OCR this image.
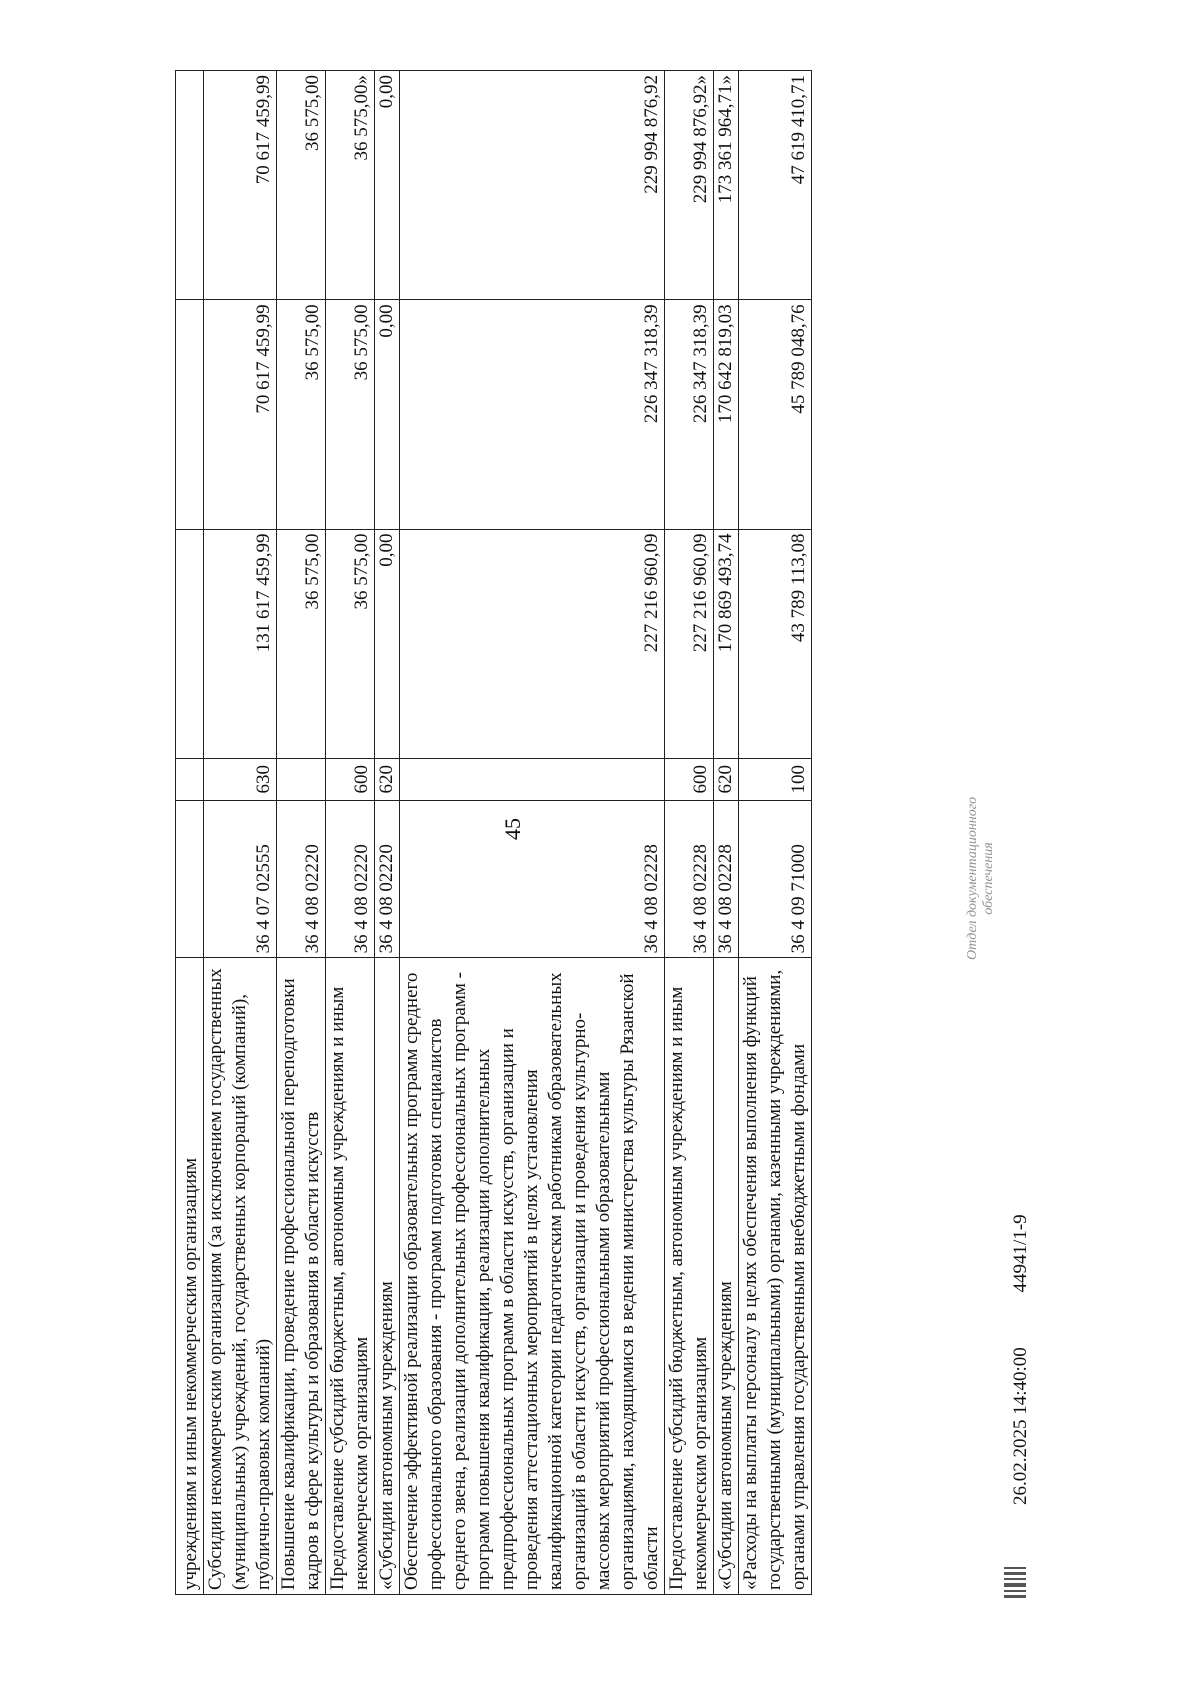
45
учреждениям и иным некоммерческим организациям					
Субсидии некоммерческим организациям (за исключением государственных (муниципальных) учреждений, государственных корпораций (компаний), публично-правовых компаний)	36 4 07 02555	630	131 617 459,99	70 617 459,99	70 617 459,99
Повышение квалификации, проведение профессиональной переподготовки кадров в сфере культуры и образования в области искусств	36 4 08 02220		36 575,00	36 575,00	36 575,00
Предоставление субсидий бюджетным, автономным учреждениям и иным некоммерческим организациям	36 4 08 02220	600	36 575,00	36 575,00	36 575,00»
«Субсидии автономным учреждениям	36 4 08 02220	620	0,00	0,00	0,00
Обеспечение эффективной реализации образовательных программ среднего профессионального образования - программ подготовки специалистов среднего звена, реализации дополнительных профессиональных программ - программ повышения квалификации, реализации дополнительных предпрофессиональных программ в области искусств, организации и проведения аттестационных мероприятий в целях установления квалификационной категории педагогическим работникам образовательных организаций в области искусств, организации и проведения культурно-массовых мероприятий профессиональными образовательными организациями, находящимися в ведении министерства культуры Рязанской области	36 4 08 02228		227 216 960,09	226 347 318,39	229 994 876,92
Предоставление субсидий бюджетным, автономным учреждениям и иным некоммерческим организациям	36 4 08 02228	600	227 216 960,09	226 347 318,39	229 994 876,92»
«Субсидии автономным учреждениям	36 4 08 02228	620	170 869 493,74	170 642 819,03	173 361 964,71»
«Расходы на выплаты персоналу в целях обеспечения выполнения функций государственными (муниципальными) органами, казенными учреждениями, органами управления государственными внебюджетными фондами	36 4 09 71000	100	43 789 113,08	45 789 048,76	47 619 410,71
26.02.2025 14:40:00 44941/1-9
Отдел документационного обеспечения
